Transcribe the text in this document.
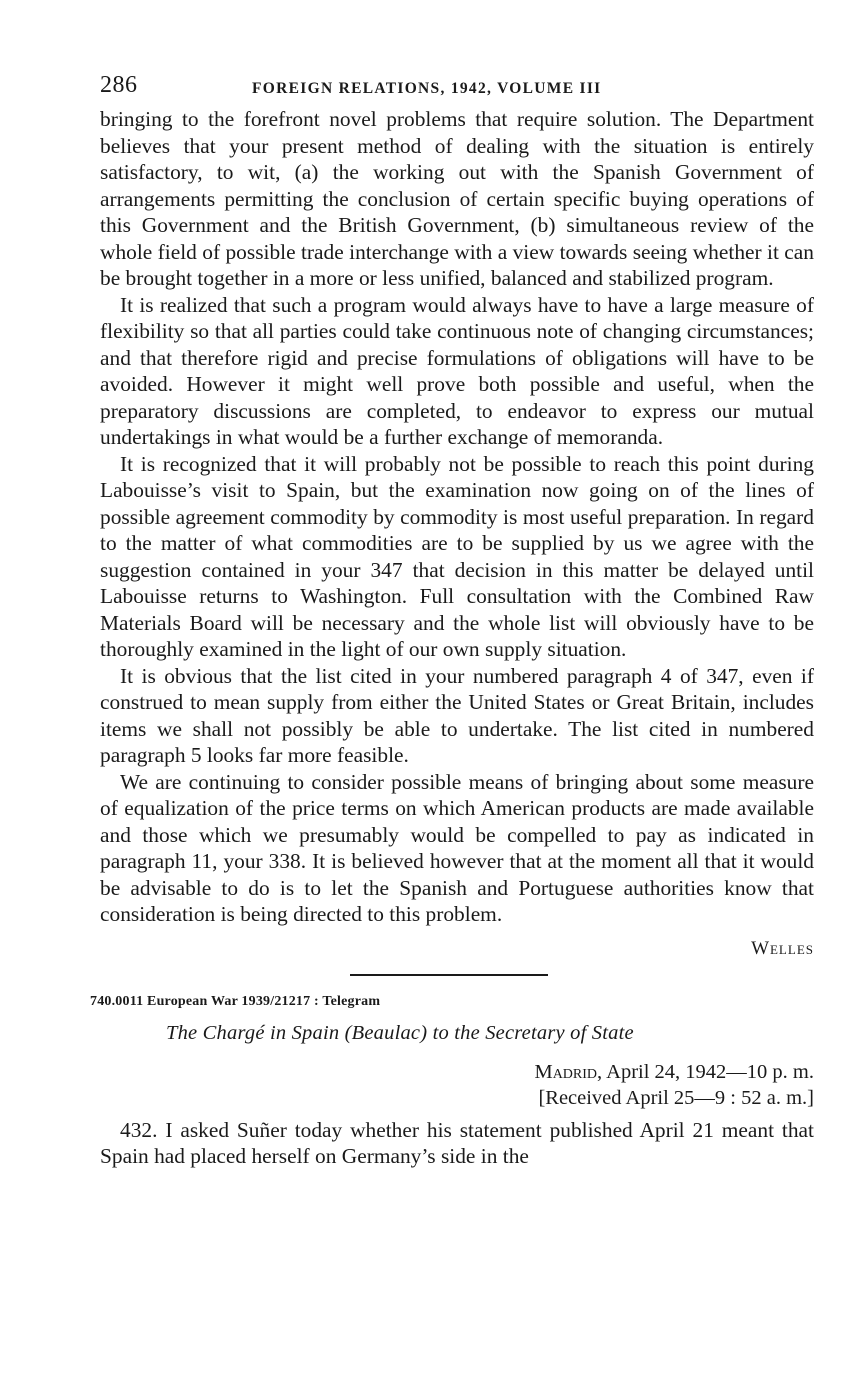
286	FOREIGN RELATIONS, 1942, VOLUME III

bringing to the forefront novel problems that require solution. The Department believes that your present method of dealing with the situation is entirely satisfactory, to wit, (a) the working out with the Spanish Government of arrangements permitting the conclusion of certain specific buying operations of this Government and the British Government, (b) simultaneous review of the whole field of possible trade interchange with a view towards seeing whether it can be brought together in a more or less unified, balanced and stabilized program.

It is realized that such a program would always have to have a large measure of flexibility so that all parties could take continuous note of changing circumstances; and that therefore rigid and precise formulations of obligations will have to be avoided. However it might well prove both possible and useful, when the preparatory discussions are completed, to endeavor to express our mutual undertakings in what would be a further exchange of memoranda.

It is recognized that it will probably not be possible to reach this point during Labouisse’s visit to Spain, but the examination now going on of the lines of possible agreement commodity by commodity is most useful preparation. In regard to the matter of what commodities are to be supplied by us we agree with the suggestion contained in your 347 that decision in this matter be delayed until Labouisse returns to Washington. Full consultation with the Combined Raw Materials Board will be necessary and the whole list will obviously have to be thoroughly examined in the light of our own supply situation.

It is obvious that the list cited in your numbered paragraph 4 of 347, even if construed to mean supply from either the United States or Great Britain, includes items we shall not possibly be able to undertake. The list cited in numbered paragraph 5 looks far more feasible.

We are continuing to consider possible means of bringing about some measure of equalization of the price terms on which American products are made available and those which we presumably would be compelled to pay as indicated in paragraph 11, your 338. It is believed however that at the moment all that it would be advisable to do is to let the Spanish and Portuguese authorities know that consideration is being directed to this problem.

Welles
740.0011 European War 1939/21217 : Telegram
The Chargé in Spain (Beaulac) to the Secretary of State
Madrid, April 24, 1942—10 p. m.
[Received April 25—9 : 52 a. m.]

432. I asked Suñer today whether his statement published April 21 meant that Spain had placed herself on Germany’s side in the
